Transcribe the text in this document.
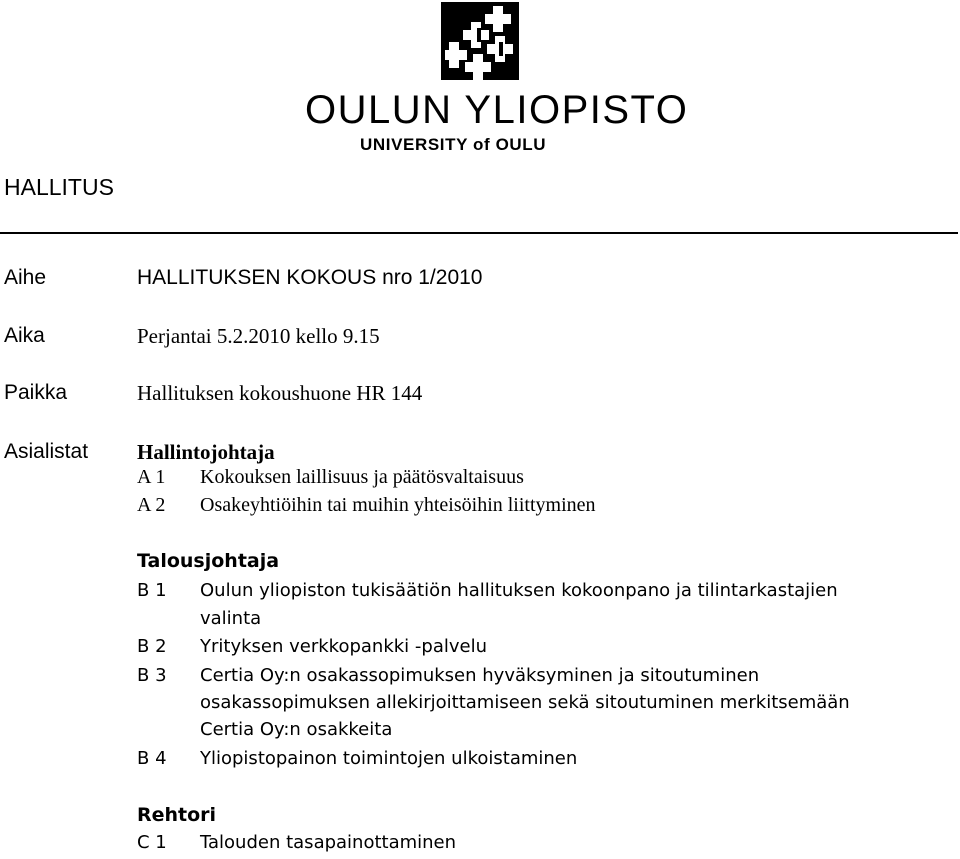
OULUN YLIOPISTO
UNIVERSITY of OULU
HALLITUS
Aihe	HALLITUKSEN KOKOUS nro 1/2010
Aika	Perjantai 5.2.2010 kello 9.15
Paikka	Hallituksen kokoushuone HR 144
Asialistat Hallintojohtaja
A 1 Kokouksen laillisuus ja päätösvaltaisuus
A 2 Osakeyhtiöihin tai muihin yhteisöihin liittyminen
Talousjohtaja
B 1 Oulun yliopiston tukisäätiön hallituksen kokoonpano ja tilintarkastajien
valinta
B 2 Yrityksen verkkopankki -palvelu
B 3 Certia Oy:n osakassopimuksen hyväksyminen ja sitoutuminen
osakassopimuksen allekirjoittamiseen sekä sitoutuminen merkitsemään
Certia Oy:n osakkeita
B 4 Yliopistopainon toimintojen ulkoistaminen
Rehtori
C 1 Talouden tasapainottaminen
